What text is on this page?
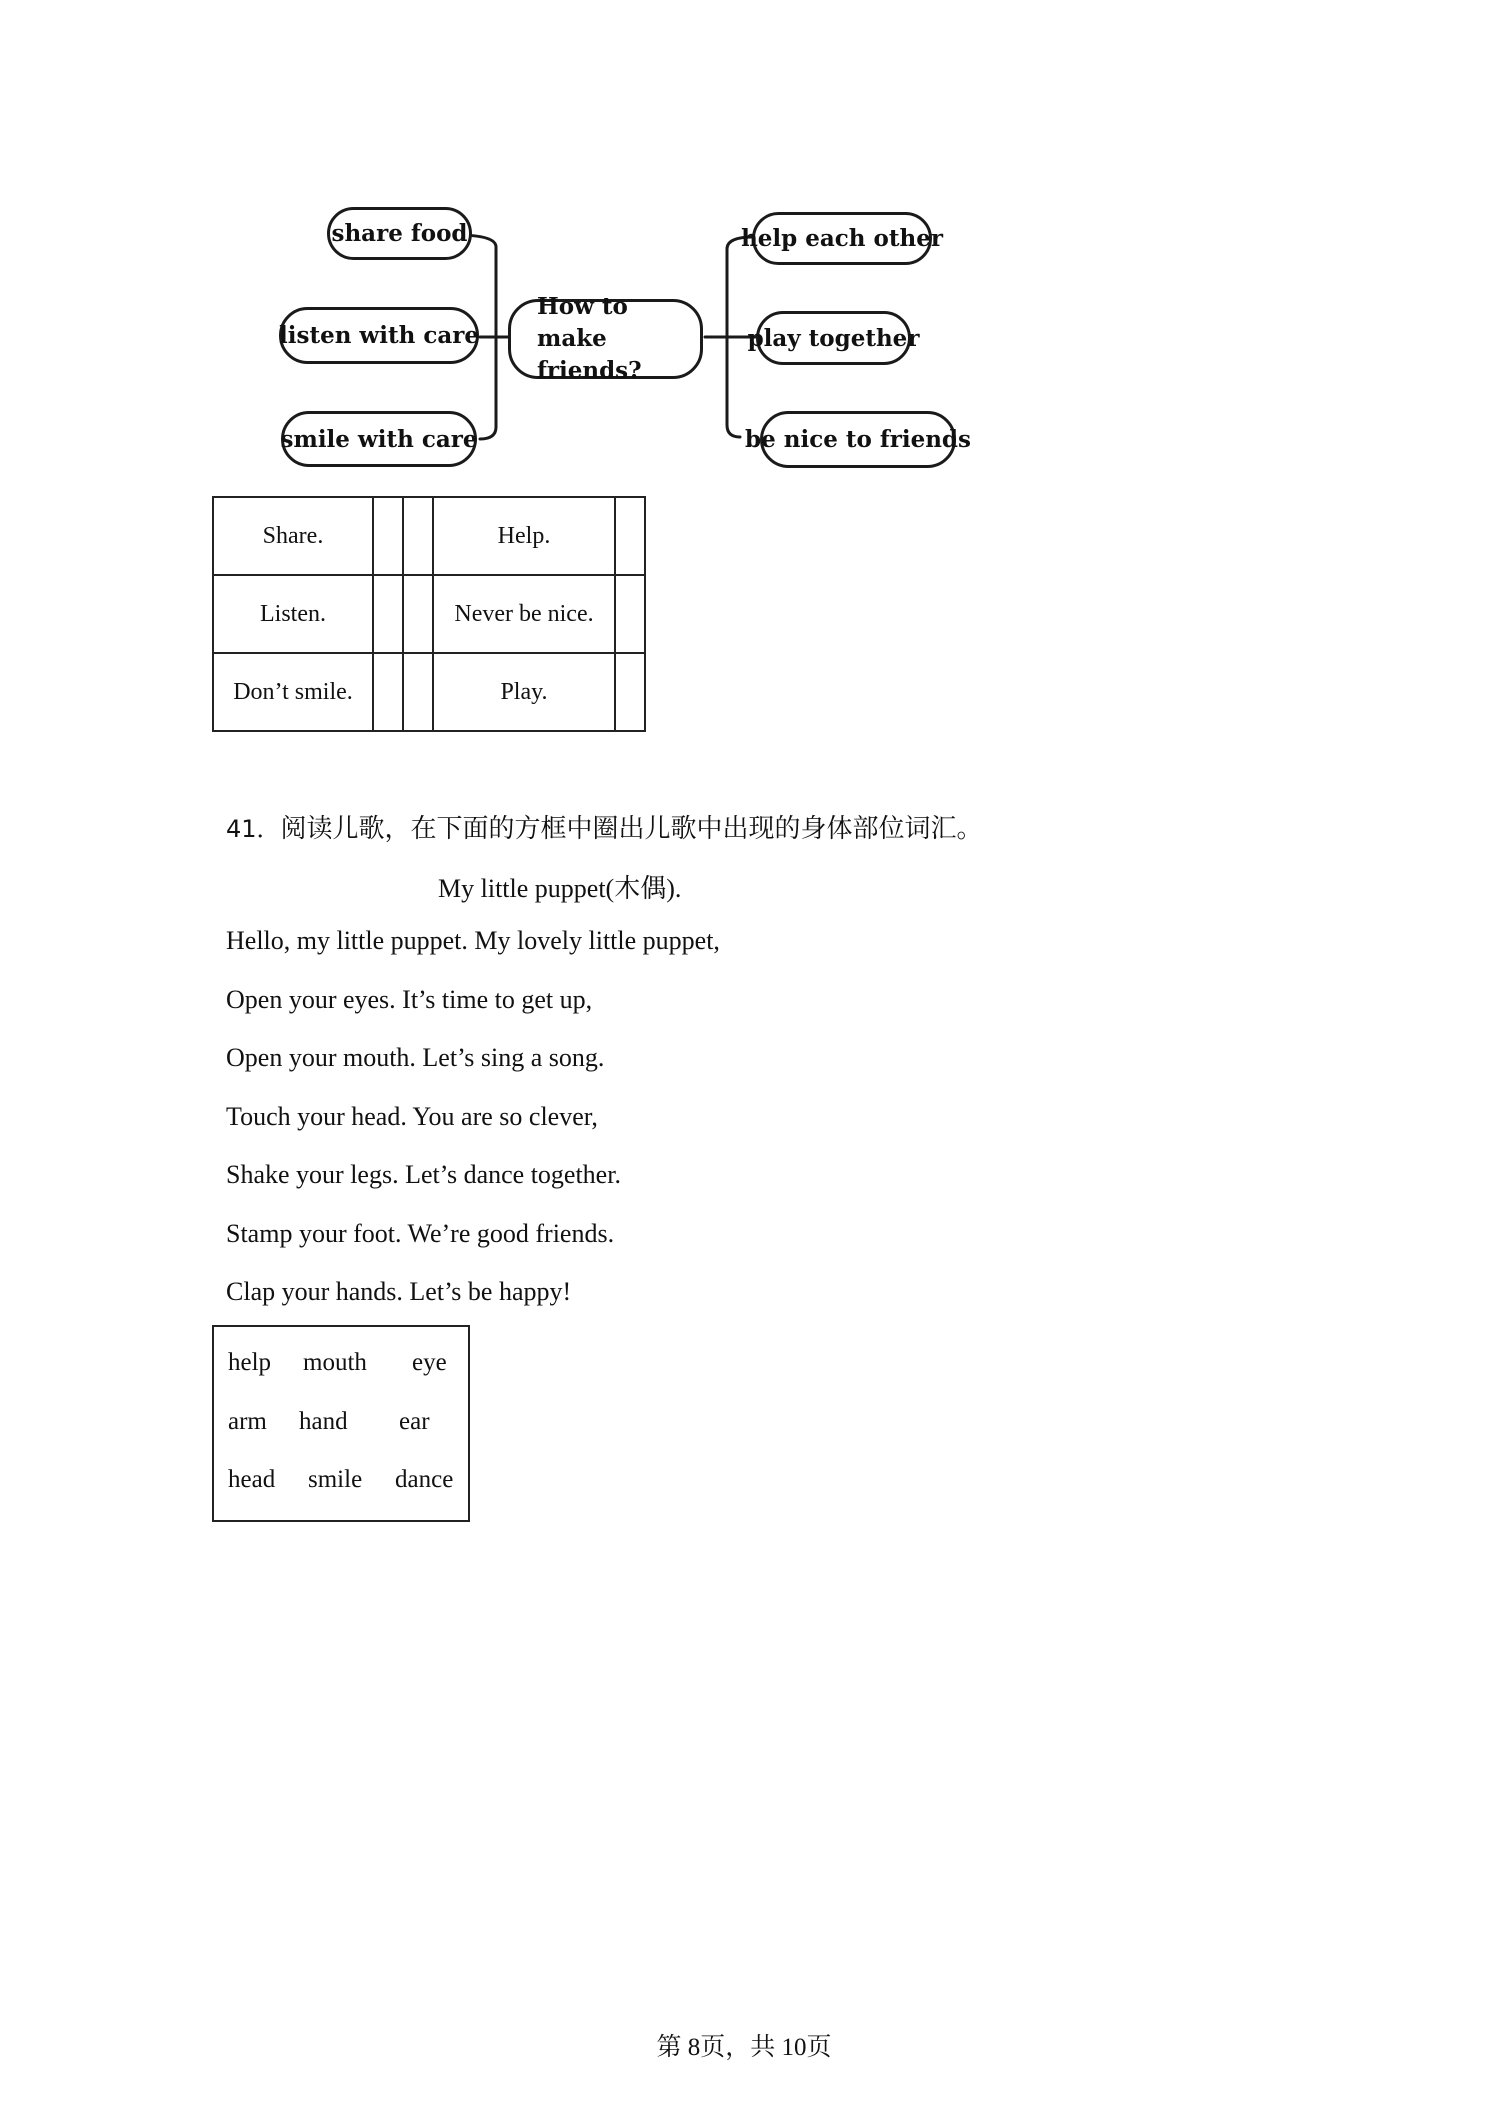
share food
listen with care
smile with care
How to make friends?
help each other
play together
be nice to friends
Share.			Help.	
Listen.			Never be nice.	
Don’t smile.			Play.	
41．阅读儿歌，在下面的方框中圈出儿歌中出现的身体部位词汇。
My little puppet(木偶).
Hello, my little puppet. My lovely little puppet,
Open your eyes. It’s time to get up,
Open your mouth. Let’s sing a song.
Touch your head. You are so clever,
Shake your legs. Let’s dance together.
Stamp your foot. We’re good friends.
Clap your hands. Let’s be happy!
help mouth eye
arm hand ear
head smile dance
第 8页，共 10页
